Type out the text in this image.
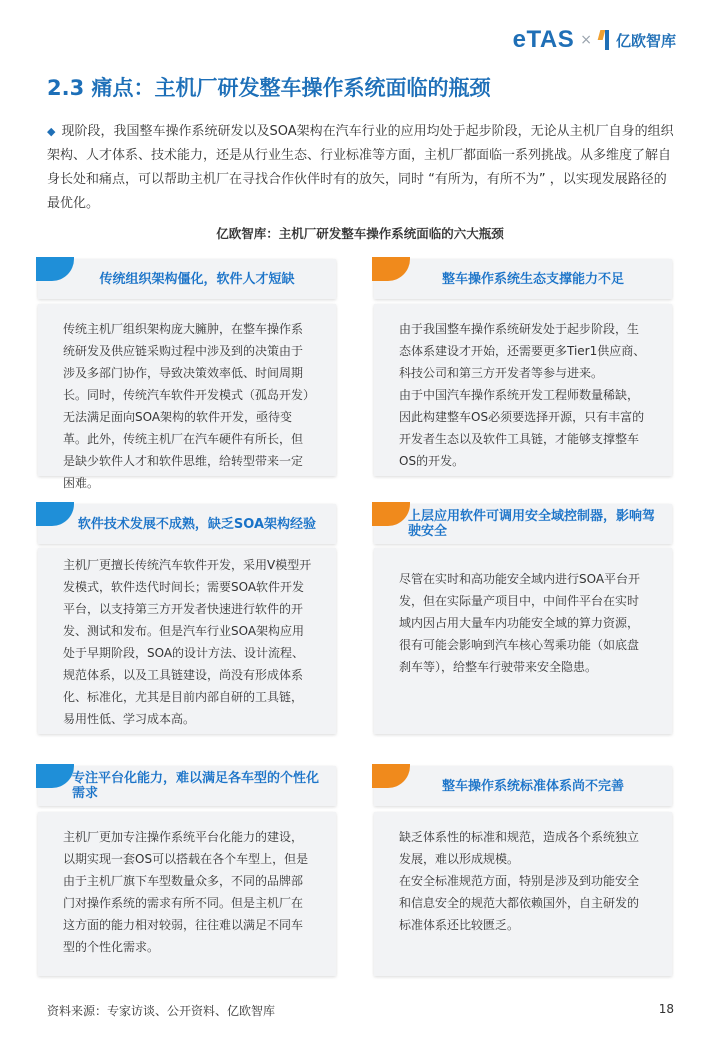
eTAS × 亿欧智库
2.3 痛点：主机厂研发整车操作系统面临的瓶颈
◆ 现阶段，我国整车操作系统研发以及SOA架构在汽车行业的应用均处于起步阶段，无论从主机厂自身的组织架构、人才体系、技术能力，还是从行业生态、行业标准等方面，主机厂都面临一系列挑战。从多维度了解自身长处和痛点，可以帮助主机厂在寻找合作伙伴时有的放矢，同时 “有所为，有所不为” ，以实现发展路径的最优化。
亿欧智库：主机厂研发整车操作系统面临的六大瓶颈
传统组织架构僵化，软件人才短缺
传统主机厂组织架构庞大臃肿，在整车操作系统研发及供应链采购过程中涉及到的决策由于涉及多部门协作，导致决策效率低、时间周期长。同时，传统汽车软件开发模式（孤岛开发）无法满足面向SOA架构的软件开发，亟待变革。此外，传统主机厂在汽车硬件有所长，但是缺少软件人才和软件思维，给转型带来一定困难。
整车操作系统生态支撑能力不足
由于我国整车操作系统研发处于起步阶段，生态体系建设才开始，还需要更多Tier1供应商、科技公司和第三方开发者等参与进来。
由于中国汽车操作系统开发工程师数量稀缺，因此构建整车OS必须要选择开源，只有丰富的开发者生态以及软件工具链，才能够支撑整车OS的开发。
软件技术发展不成熟，缺乏SOA架构经验
主机厂更擅长传统汽车软件开发，采用V模型开发模式，软件迭代时间长；需要SOA软件开发平台，以支持第三方开发者快速进行软件的开发、测试和发布。但是汽车行业SOA架构应用处于早期阶段，SOA的设计方法、设计流程、规范体系，以及工具链建设，尚没有形成体系化、标准化，尤其是目前内部自研的工具链，易用性低、学习成本高。
上层应用软件可调用安全域控制器，影响驾驶安全
尽管在实时和高功能安全域内进行SOA平台开发，但在实际量产项目中，中间件平台在实时域内因占用大量车内功能安全域的算力资源，很有可能会影响到汽车核心驾乘功能（如底盘刹车等），给整车行驶带来安全隐患。
专注平台化能力，难以满足各车型的个性化需求
主机厂更加专注操作系统平台化能力的建设，以期实现一套OS可以搭载在各个车型上，但是由于主机厂旗下车型数量众多，不同的品牌部门对操作系统的需求有所不同。但是主机厂在这方面的能力相对较弱，往往难以满足不同车型的个性化需求。
整车操作系统标准体系尚不完善
缺乏体系性的标准和规范，造成各个系统独立发展，难以形成规模。
在安全标准规范方面，特别是涉及到功能安全和信息安全的规范大都依赖国外，自主研发的标准体系还比较匮乏。
资料来源：专家访谈、公开资料、亿欧智库	18
